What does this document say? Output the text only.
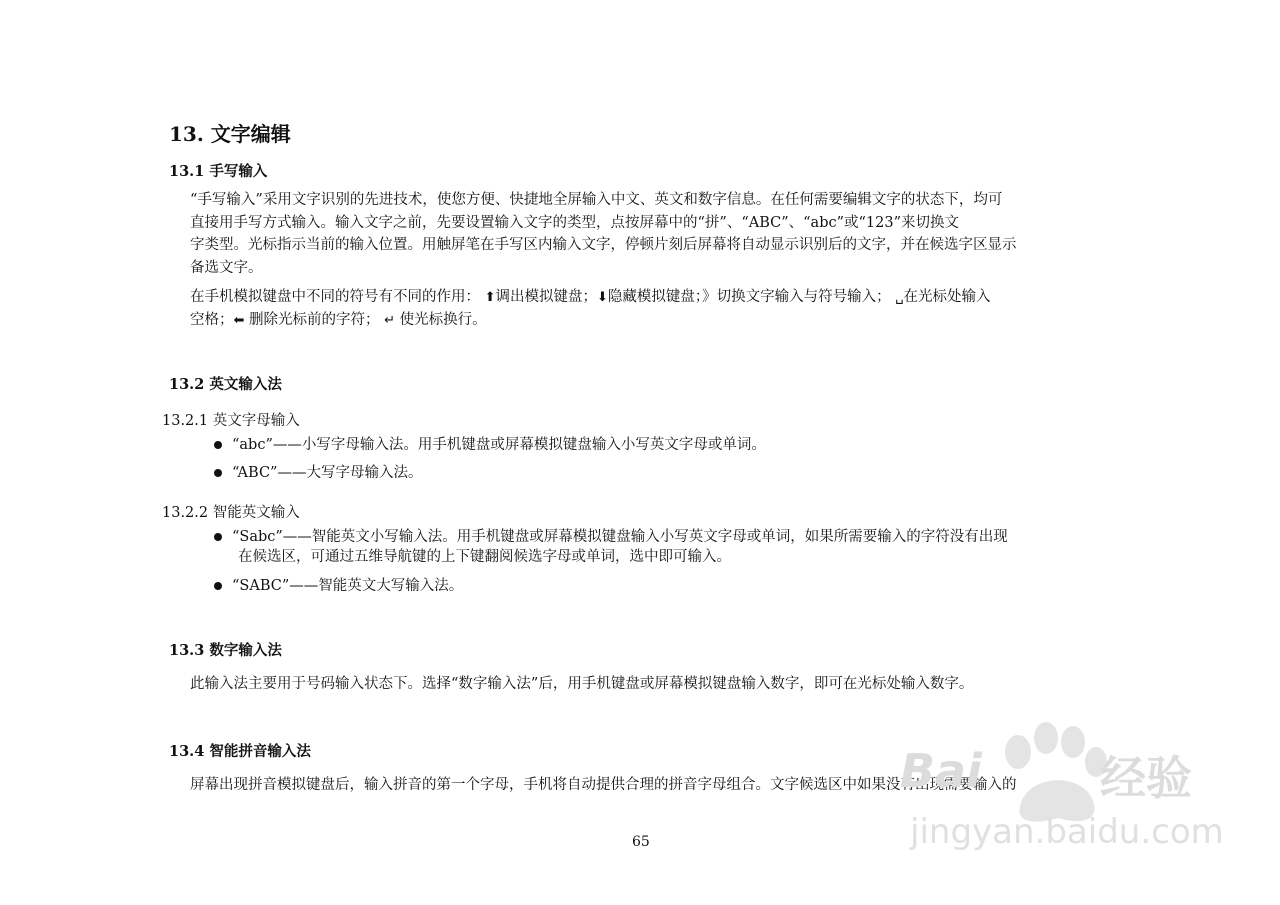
13. 文字编辑
13.1 手写输入
“手写输入”采用文字识别的先进技术，使您方便、快捷地全屏输入中文、英文和数字信息。在任何需要编辑文字的状态下，均可
直接用手写方式输入。输入文字之前，先要设置输入文字的类型，点按屏幕中的“拼”、“ABC”、“abc”或“123”来切换文
字类型。光标指示当前的输入位置。用触屏笔在手写区内输入文字，停顿片刻后屏幕将自动显示识别后的文字，并在候选字区显示
备选文字。
在手机模拟键盘中不同的符号有不同的作用： ⬆调出模拟键盘；⬇隐藏模拟键盘；》切换文字输入与符号输入； ␣在光标处输入
空格；⬅ 删除光标前的字符； ↵ 使光标换行。
13.2 英文输入法
13.2.1 英文字母输入
“abc”——小写字母输入法。用手机键盘或屏幕模拟键盘输入小写英文字母或单词。
“ABC”——大写字母输入法。
13.2.2 智能英文输入
“Sabc”——智能英文小写输入法。用手机键盘或屏幕模拟键盘输入小写英文字母或单词，如果所需要输入的字符没有出现
在候选区，可通过五维导航键的上下键翻阅候选字母或单词，选中即可输入。
“SABC”——智能英文大写输入法。
13.3 数字输入法
此输入法主要用于号码输入状态下。选择“数字输入法”后，用手机键盘或屏幕模拟键盘输入数字，即可在光标处输入数字。
13.4 智能拼音输入法
屏幕出现拼音模拟键盘后，输入拼音的第一个字母，手机将自动提供合理的拼音字母组合。文字候选区中如果没有出现需要输入的
65
Bai	经验
jingyan.baidu.com
